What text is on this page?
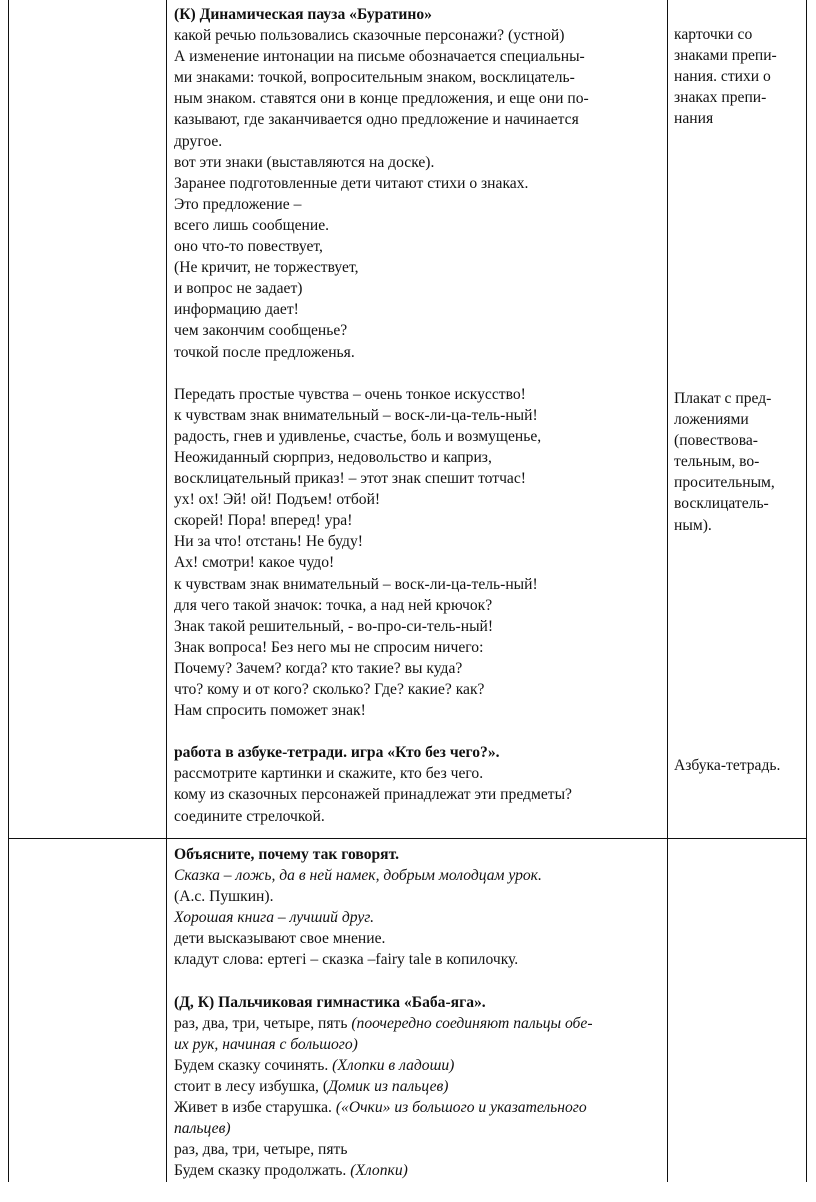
(К) Динамическая пауза «Буратино»
какой речью пользовались сказочные персонажи? (устной)
А изменение интонации на письме обозначается специальны-
ми знаками: точкой, вопросительным знаком, восклицатель-
ным знаком. ставятся они в конце предложения, и еще они по-
казывают, где заканчивается одно предложение и начинается
другое.
вот эти знаки (выставляются на доске).
Заранее подготовленные дети читают стихи о знаках.
Это предложение –
всего лишь сообщение.
оно что-то повествует,
(Не кричит, не торжествует,
и вопрос не задает)
информацию дает!
чем закончим сообщенье?
точкой после предложенья.
Передать простые чувства – очень тонкое искусство!
к чувствам знак внимательный – воск-ли-ца-тель-ный!
радость, гнев и удивленье, счастье, боль и возмущенье,
Неожиданный сюрприз, недовольство и каприз,
восклицательный приказ! – этот знак спешит тотчас!
ух! ох! Эй! ой! Подъем! отбой!
скорей! Пора! вперед! ура!
Ни за что! отстань! Не буду!
Ах! смотри! какое чудо!
к чувствам знак внимательный – воск-ли-ца-тель-ный!
для чего такой значок: точка, а над ней крючок?
Знак такой решительный, - во-про-си-тель-ный!
Знак вопроса! Без него мы не спросим ничего:
Почему? Зачем? когда? кто такие? вы куда?
что? кому и от кого? сколько? Где? какие? как?
Нам спросить поможет знак!
работа в азбуке-тетради. игра «Кто без чего?».
рассмотрите картинки и скажите, кто без чего.
кому из сказочных персонажей принадлежат эти предметы?
соедините стрелочкой.
карточки со
знаками препи-
нания. стихи о
знаках препи-
нания
Плакат с пред-
ложениями
(повествова-
тельным, во-
просительным,
восклицатель-
ным).
Азбука-тетрадь.
Объясните, почему так говорят.
Сказка – ложь, да в ней намек, добрым молодцам урок.
(А.с. Пушкин).
Хорошая книга – лучший друг.
дети высказывают свое мнение.
кладут слова: ертегі – сказка –fairy tale в копилочку.
(Д, К) Пальчиковая гимнастика «Баба-яга».
раз, два, три, четыре, пять (поочередно соединяют пальцы обе-
их рук, начиная с большого)
Будем сказку сочинять. (Хлопки в ладоши)
стоит в лесу избушка, (Домик из пальцев)
Живет в избе старушка. («Очки» из большого и указательного
пальцев)
раз, два, три, четыре, пять
Будем сказку продолжать. (Хлопки)
